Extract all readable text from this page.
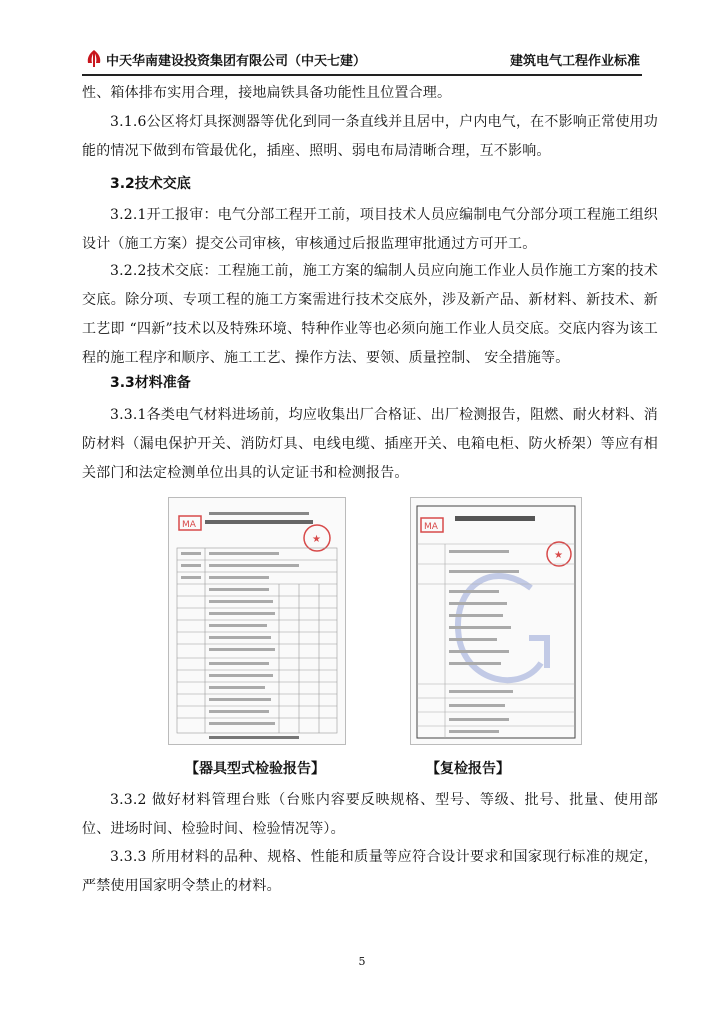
中天华南建设投资集团有限公司（中天七建）	建筑电气工程作业标准

性、箱体排布实用合理，接地扁铁具备功能性且位置合理。

3.1.6公区将灯具探测器等优化到同一条直线并且居中，户内电气，在不影响正常使用功能的情况下做到布管最优化，插座、照明、弱电布局清晰合理，互不影响。

3.2技术交底

3.2.1开工报审：电气分部工程开工前，项目技术人员应编制电气分部分项工程施工组织设计（施工方案）提交公司审核，审核通过后报监理审批通过方可开工。

3.2.2技术交底：工程施工前，施工方案的编制人员应向施工作业人员作施工方案的技术交底。除分项、专项工程的施工方案需进行技术交底外，涉及新产品、新材料、新技术、新工艺即 “四新”技术以及特殊环境、特种作业等也必须向施工作业人员交底。交底内容为该工程的施工程序和顺序、施工工艺、操作方法、要领、质量控制、 安全措施等。

3.3材料准备

3.3.1各类电气材料进场前，均应收集出厂合格证、出厂检测报告，阻燃、耐火材料、消防材料（漏电保护开关、消防灯具、电线电缆、插座开关、电箱电柜、防火桥架）等应有相关部门和法定检测单位出具的认定证书和检测报告。

MA
★
MA
★
【器具型式检验报告】	【复检报告】

3.3.2 做好材料管理台账（台账内容要反映规格、型号、等级、批号、批量、使用部位、进场时间、检验时间、检验情况等）。

3.3.3 所用材料的品种、规格、性能和质量等应符合设计要求和国家现行标准的规定，严禁使用国家明令禁止的材料。

5
